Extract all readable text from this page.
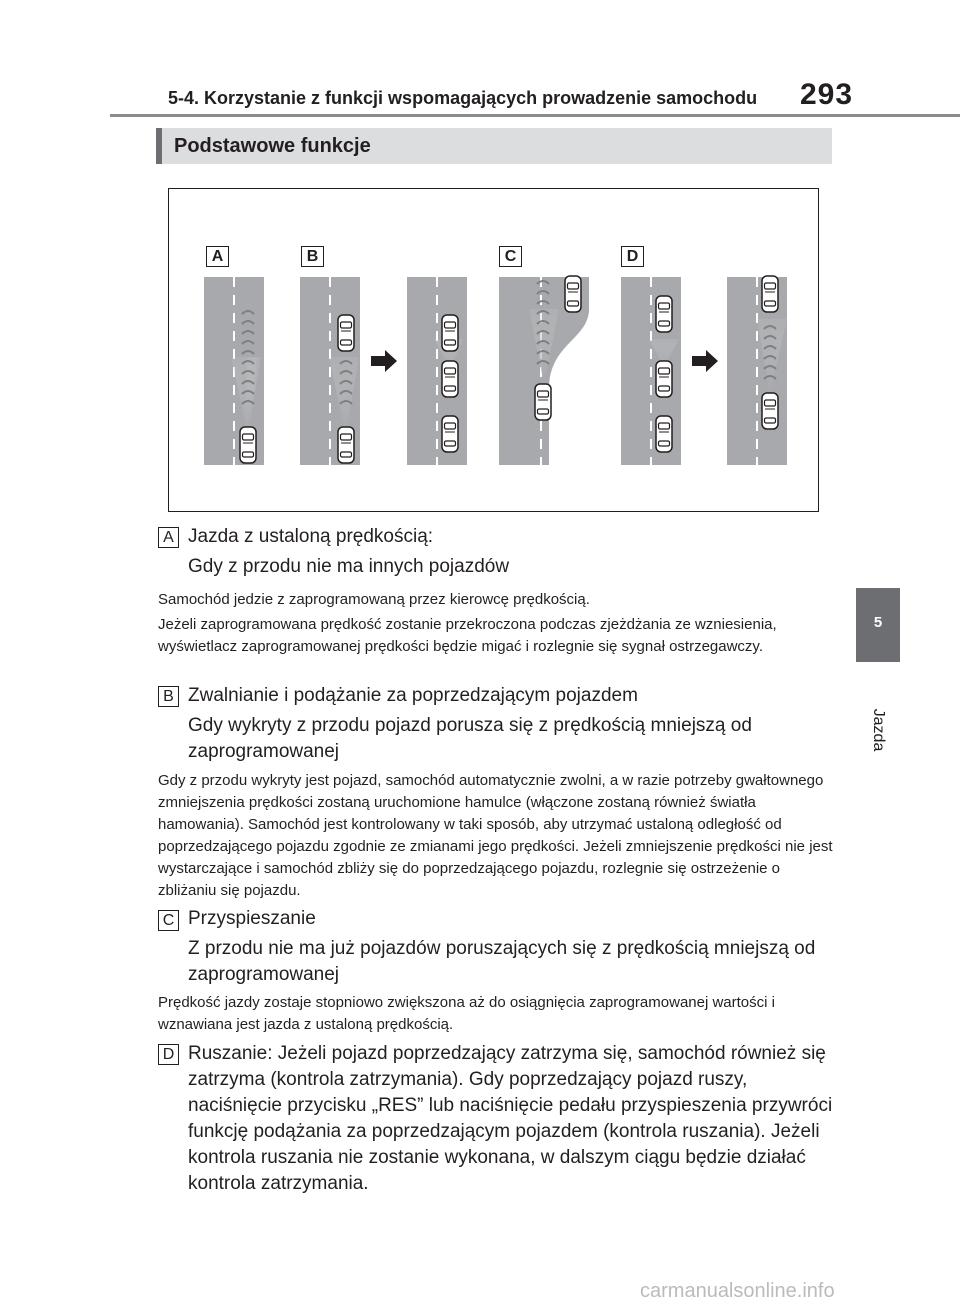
5-4. Korzystanie z funkcji wspomagających prowadzenie samochodu 293
Podstawowe funkcje
5
Jazda
A	B	C	D
A Jazda z ustaloną prędkością:
Gdy z przodu nie ma innych pojazdów
Samochód jedzie z zaprogramowaną przez kierowcę prędkością.
Jeżeli zaprogramowana prędkość zostanie przekroczona podczas zjeżdżania ze wzniesienia, wyświetlacz zaprogramowanej prędkości będzie migać i rozlegnie się sygnał ostrzegawczy.
B Zwalnianie i podążanie za poprzedzającym pojazdem
Gdy wykryty z przodu pojazd porusza się z prędkością mniejszą od zaprogramowanej
Gdy z przodu wykryty jest pojazd, samochód automatycznie zwolni, a w razie potrzeby gwałtownego zmniejszenia prędkości zostaną uruchomione hamulce (włączone zostaną również światła hamowania). Samochód jest kontrolowany w taki sposób, aby utrzymać ustaloną odległość od poprzedzającego pojazdu zgodnie ze zmianami jego prędkości. Jeżeli zmniejszenie prędkości nie jest wystarczające i samochód zbliży się do poprzedzającego pojazdu, rozlegnie się ostrzeżenie o zbliżaniu się pojazdu.
C Przyspieszanie
Z przodu nie ma już pojazdów poruszających się z prędkością mniejszą od zaprogramowanej
Prędkość jazdy zostaje stopniowo zwiększona aż do osiągnięcia zaprogramowanej wartości i wznawiana jest jazda z ustaloną prędkością.
D Ruszanie: Jeżeli pojazd poprzedzający zatrzyma się, samochód również się zatrzyma (kontrola zatrzymania). Gdy poprzedzający pojazd ruszy, naciśnięcie przycisku „RES” lub naciśnięcie pedału przyspieszenia przywróci funkcję podążania za poprzedzającym pojazdem (kontrola ruszania). Jeżeli kontrola ruszania nie zostanie wykonana, w dalszym ciągu będzie działać kontrola zatrzymania.
carmanualsonline.info
